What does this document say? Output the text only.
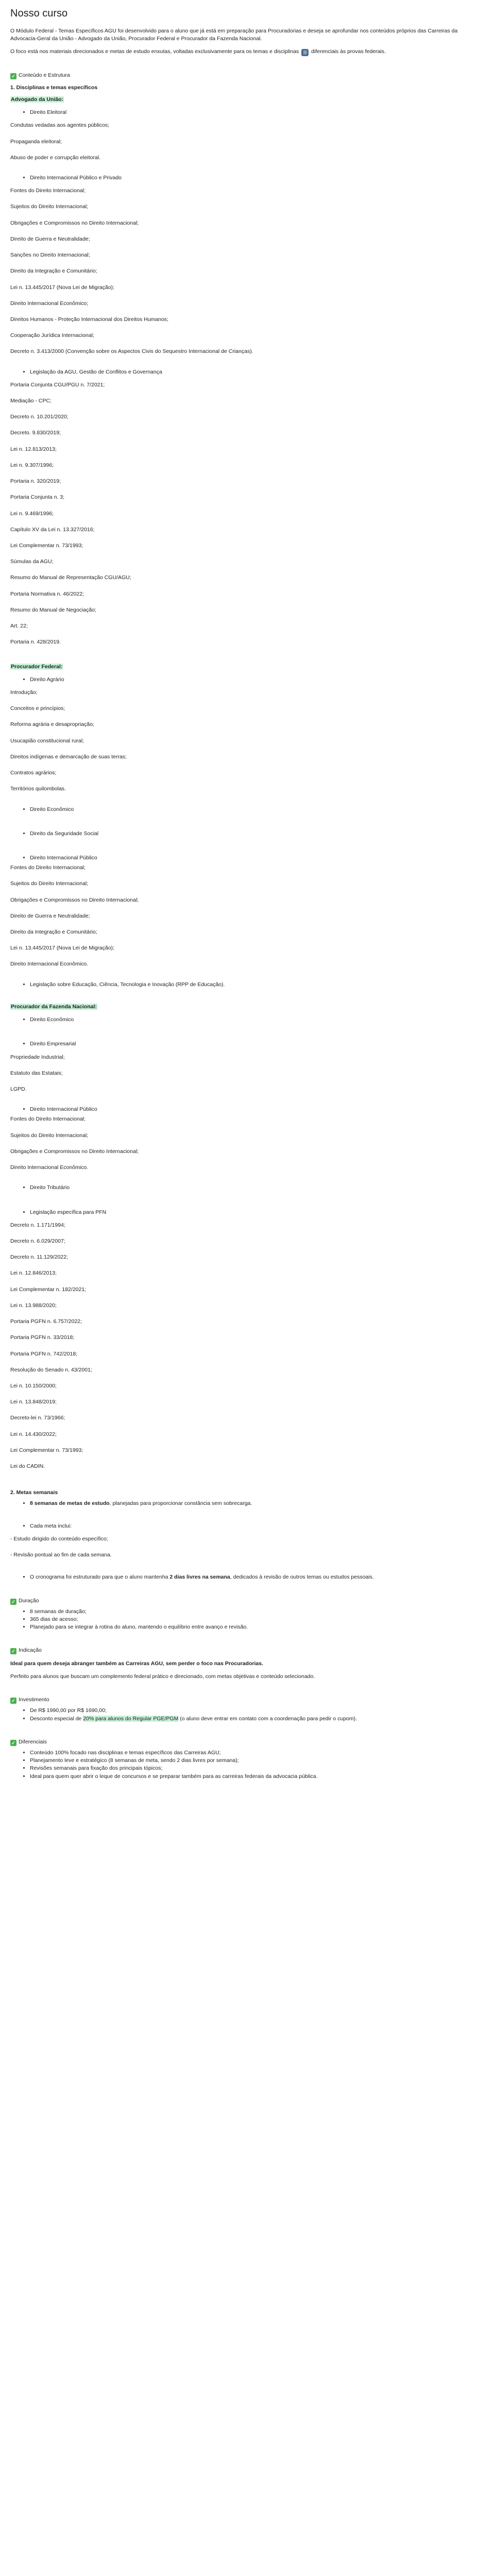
Nosso curso

O Módulo Federal - Temas Específicos AGU foi desenvolvido para o aluno que já está em preparação para Procuradorias e deseja se aprofundar nos conteúdos próprios das Carreiras da Advocacia-Geral da União - Advogado da União, Procurador Federal e Procurador da Fazenda Nacional.

O foco está nos materiais direcionados e metas de estudo enxutas, voltadas exclusivamente para os temas e disciplinas ☰ diferenciais às provas federais.

✓ Conteúdo e Estrutura

1. Disciplinas e temas específicos

Advogado da União:

• Direito Eleitoral

Condutas vedadas aos agentes públicos;

Propaganda eleitoral;

Abuso de poder e corrupção eleitoral.

• Direito Internacional Público e Privado

Fontes do Direito Internacional;

Sujeitos do Direito Internacional;

Obrigações e Compromissos no Direito Internacional;

Direito de Guerra e Neutralidade;

Sanções no Direito Internacional;

Direito da Integração e Comunitário;

Lei n. 13.445/2017 (Nova Lei de Migração);

Direito Internacional Econômico;

Direitos Humanos - Proteção Internacional dos Direitos Humanos;

Cooperação Jurídica Internacional;

Decreto n. 3.413/2000 (Convenção sobre os Aspectos Civis do Sequestro Internacional de Crianças).

• Legislação da AGU, Gestão de Conflitos e Governança

Portaria Conjunta CGU/PGU n. 7/2021;

Mediação - CPC;

Decreto n. 10.201/2020;

Decreto. 9.830/2019;

Lei n. 12.813/2013;

Lei n. 9.307/1996;

Portaria n. 320/2019;

Portaria Conjunta n. 3;

Lei n. 9.469/1996;

Capítulo XV da Lei n. 13.327/2016;

Lei Complementar n. 73/1993;

Súmulas da AGU;

Resumo do Manual de Representação CGU/AGU;

Portaria Normativa n. 46/2022;

Resumo do Manual de Negociação;

Art. 22;

Portaria n. 428/2019.

Procurador Federal:

• Direito Agrário

Introdução;

Conceitos e princípios;

Reforma agrária e desapropriação;

Usucapião constitucional rural;

Direitos indígenas e demarcação de suas terras;

Contratos agrários;

Territórios quilombolas.

• Direito Econômico
• Direito da Seguridade Social
• Direito Internacional Público

Fontes do Direito Internacional;

Sujeitos do Direito Internacional;

Obrigações e Compromissos no Direito Internacional;

Direito de Guerra e Neutralidade;

Direito da Integração e Comunitário;

Lei n. 13.445/2017 (Nova Lei de Migração);

Direito Internacional Econômico.

• Legislação sobre Educação, Ciência, Tecnologia e Inovação (RPP de Educação).

Procurador da Fazenda Nacional:

• Direito Econômico
• Direito Empresarial

Propriedade Industrial;

Estatuto das Estatais;

LGPD.

• Direito Internacional Público

Fontes do Direito Internacional;

Sujeitos do Direito Internacional;

Obrigações e Compromissos no Direito Internacional;

Direito Internacional Econômico.

• Direito Tributário
• Legislação específica para PFN

Decreto n. 1.171/1994;

Decreto n. 6.029/2007;

Decreto n. 11.129/2022;

Lei n. 12.846/2013;

Lei Complementar n. 182/2021;

Lei n. 13.988/2020;

Portaria PGFN n. 6.757/2022;

Portaria PGFN n. 33/2018;

Portaria PGFN n. 742/2018;

Resolução do Senado n. 43/2001;

Lei n. 10.150/2000;

Lei n. 13.848/2019;

Decreto-lei n. 73/1966;

Lei n. 14.430/2022;

Lei Complementar n. 73/1993;

Lei do CADIN.

2. Metas semanais

• 8 semanas de metas de estudo, planejadas para proporcionar constância sem sobrecarga.
• Cada meta inclui:

- Estudo dirigido do conteúdo específico;

- Revisão pontual ao fim de cada semana.

• O cronograma foi estruturado para que o aluno mantenha 2 dias livres na semana, dedicados à revisão de outros temas ou estudos pessoais.

✓ Duração

• 8 semanas de duração;
• 365 dias de acesso;
• Planejado para se integrar à rotina do aluno, mantendo o equilíbrio entre avanço e revisão.

✓ Indicação

Ideal para quem deseja abranger também as Carreiras AGU, sem perder o foco nas Procuradorias.

Perfeito para alunos que buscam um complemento federal prático e direcionado, com metas objetivas e conteúdo selecionado.

✓ Investimento

• De R$ 1990,00 por R$ 1690,00;
• Desconto especial de 20% para alunos do Regular PGE/PGM (o aluno deve entrar em contato com a coordenação para pedir o cupom).

✓ Diferenciais

• Conteúdo 100% focado nas disciplinas e temas específicos das Carreiras AGU;
• Planejamento leve e estratégico (8 semanas de meta, sendo 2 dias livres por semana);
• Revisões semanais para fixação dos principais tópicos;
• Ideal para quem quer abrir o leque de concursos e se preparar também para as carreiras federais da advocacia pública.
